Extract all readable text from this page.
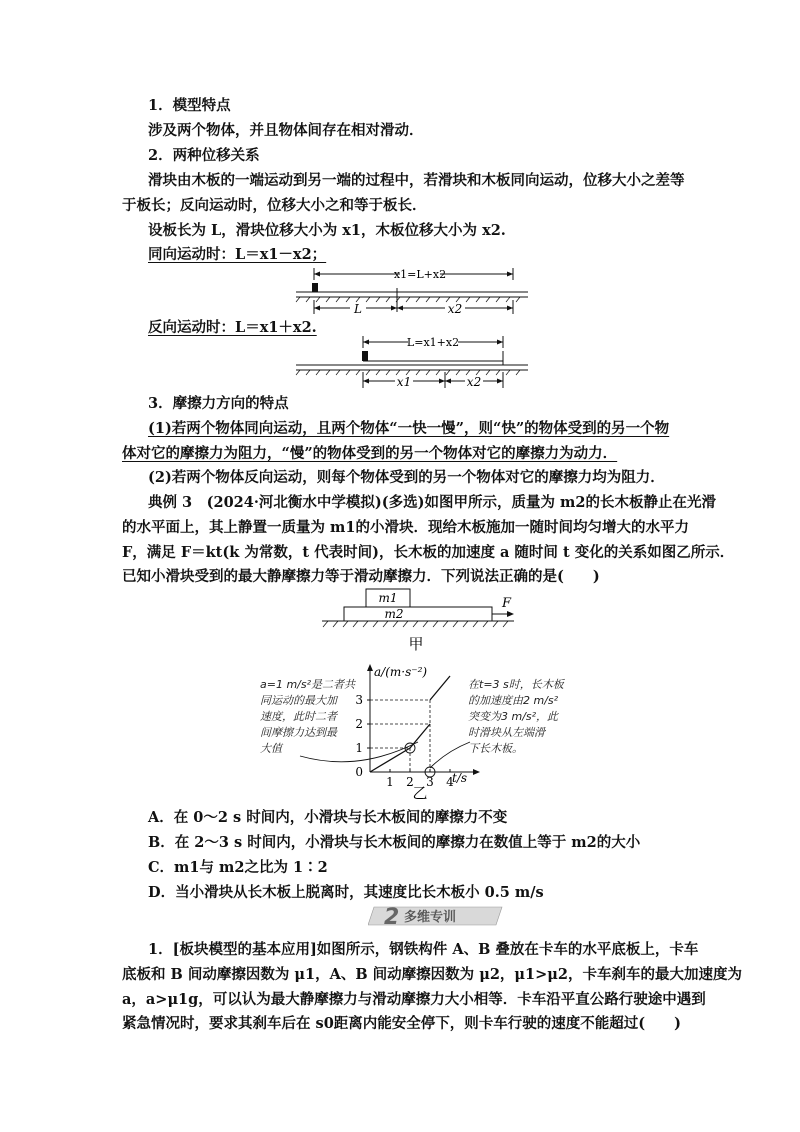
1．模型特点
涉及两个物体，并且物体间存在相对滑动．
2．两种位移关系
滑块由木板的一端运动到另一端的过程中，若滑块和木板同向运动，位移大小之差等
于板长；反向运动时，位移大小之和等于板长．
设板长为 L，滑块位移大小为 x1，木板位移大小为 x2.
同向运动时：L＝x1－x2；
x1=L+x2
L	x2
反向运动时：L＝x1＋x2.
L=x1+x2
x1	x2
3．摩擦力方向的特点
(1)若两个物体同向运动，且两个物体“一快一慢”，则“快”的物体受到的另一个物
体对它的摩擦力为阻力，“慢”的物体受到的另一个物体对它的摩擦力为动力．
(2)若两个物体反向运动，则每个物体受到的另一个物体对它的摩擦力均为阻力．
典例 3　(2024·河北衡水中学模拟)(多选)如图甲所示，质量为 m2的长木板静止在光滑
的水平面上，其上静置一质量为 m1的小滑块．现给木板施加一随时间均匀增大的水平力
F，满足 F＝kt(k 为常数，t 代表时间)，长木板的加速度 a 随时间 t 变化的关系如图乙所示．
已知小滑块受到的最大静摩擦力等于滑动摩擦力．下列说法正确的是(　　)
m1
m2
F
甲
a/(m·s⁻²)
t/s
0
1
2
3
1 2 3 4
a=1 m/s²是二者共
同运动的最大加
速度，此时二者
间摩擦力达到最
大值
在t=3 s时，长木板
的加速度由2 m/s²
突变为3 m/s²，此
时滑块从左端滑
下长木板。
乙
A．在 0～2 s 时间内，小滑块与长木板间的摩擦力不变
B．在 2～3 s 时间内，小滑块与长木板间的摩擦力在数值上等于 m2的大小
C．m1与 m2之比为 1∶2
D．当小滑块从长木板上脱离时，其速度比长木板小 0.5 m/s
2 多维专训
1．[板块模型的基本应用]如图所示，钢铁构件 A、B 叠放在卡车的水平底板上，卡车
底板和 B 间动摩擦因数为 μ1，A、B 间动摩擦因数为 μ2，μ1>μ2，卡车刹车的最大加速度为
a，a>μ1g，可以认为最大静摩擦力与滑动摩擦力大小相等．卡车沿平直公路行驶途中遇到
紧急情况时，要求其刹车后在 s0距离内能安全停下，则卡车行驶的速度不能超过(　　)
